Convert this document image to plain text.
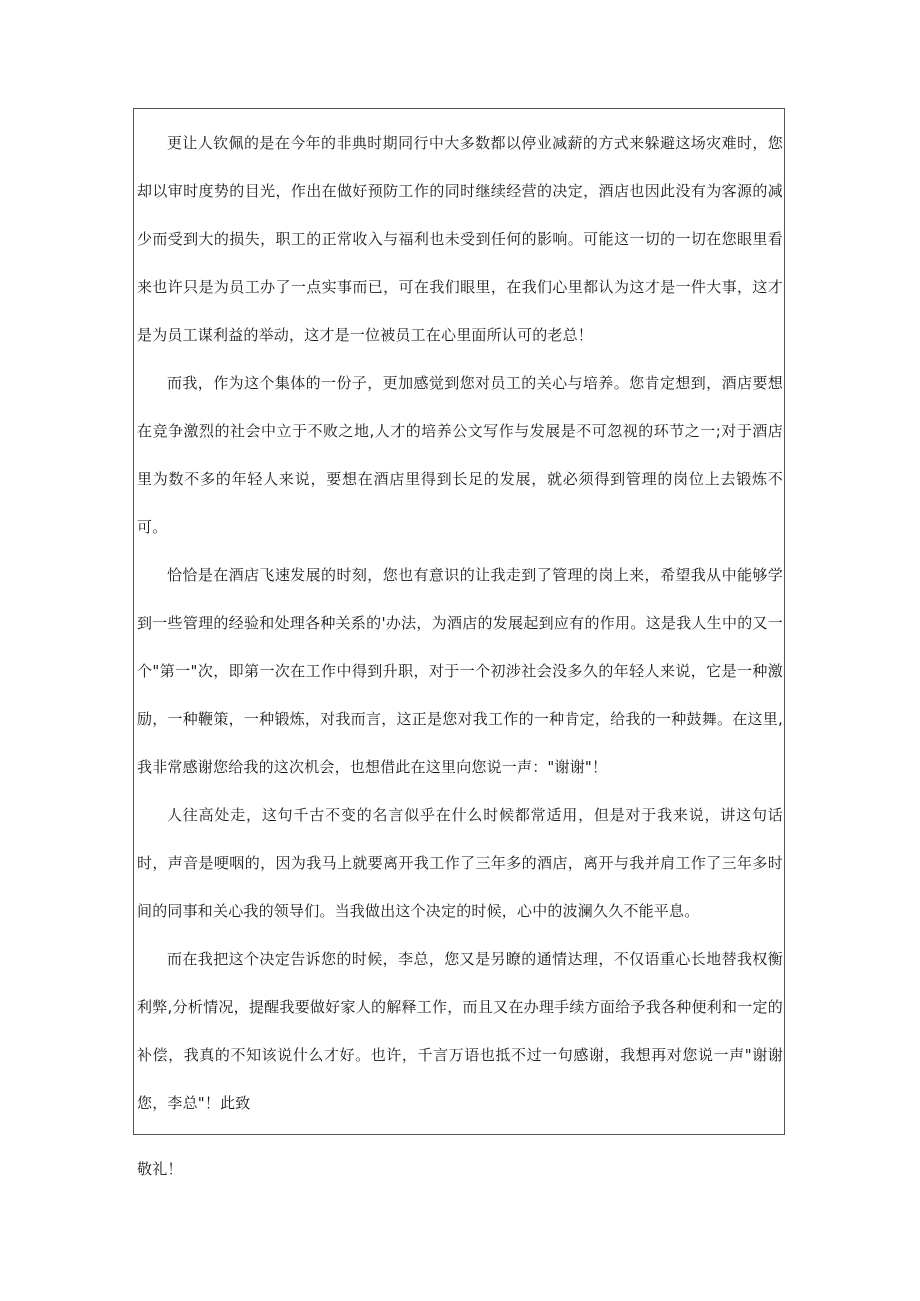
更让人钦佩的是在今年的非典时期同行中大多数都以停业减薪的方式来躲避这场灾难时，您却以审时度势的目光，作出在做好预防工作的同时继续经营的决定，酒店也因此没有为客源的减少而受到大的损失，职工的正常收入与福利也未受到任何的影响。可能这一切的一切在您眼里看来也许只是为员工办了一点实事而已，可在我们眼里，在我们心里都认为这才是一件大事，这才是为员工谋利益的举动，这才是一位被员工在心里面所认可的老总！

而我，作为这个集体的一份子，更加感觉到您对员工的关心与培养。您肯定想到，酒店要想在竞争激烈的社会中立于不败之地,人才的培养公文写作与发展是不可忽视的环节之一;对于酒店里为数不多的年轻人来说，要想在酒店里得到长足的发展，就必须得到管理的岗位上去锻炼不可。

恰恰是在酒店飞速发展的时刻，您也有意识的让我走到了管理的岗上来，希望我从中能够学到一些管理的经验和处理各种关系的'办法，为酒店的发展起到应有的作用。这是我人生中的又一个"第一"次，即第一次在工作中得到升职，对于一个初涉社会没多久的年轻人来说，它是一种激励，一种鞭策，一种锻炼，对我而言，这正是您对我工作的一种肯定，给我的一种鼓舞。在这里,我非常感谢您给我的这次机会，也想借此在这里向您说一声："谢谢"！

人往高处走，这句千古不变的名言似乎在什么时候都常适用，但是对于我来说，讲这句话时，声音是哽咽的，因为我马上就要离开我工作了三年多的酒店，离开与我并肩工作了三年多时间的同事和关心我的领导们。当我做出这个决定的时候，心中的波澜久久不能平息。

而在我把这个决定告诉您的时候，李总，您又是另瞭的通情达理，不仅语重心长地替我权衡利弊,分析情况，提醒我要做好家人的解释工作，而且又在办理手续方面给予我各种便利和一定的补偿，我真的不知该说什么才好。也许，千言万语也抵不过一句感谢，我想再对您说一声"谢谢您，李总"！此致

敬礼！
